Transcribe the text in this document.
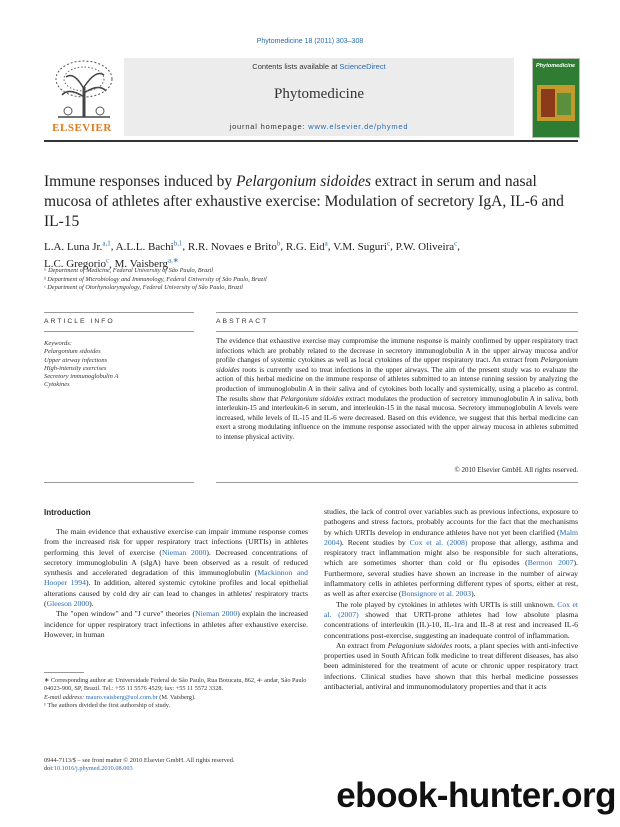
Phytomedicine 18 (2011) 303–308
ELSEVIER
Contents lists available at ScienceDirect
Phytomedicine
journal homepage: www.elsevier.de/phymed
Phytomedicine
Immune responses induced by Pelargonium sidoides extract in serum and nasal mucosa of athletes after exhaustive exercise: Modulation of secretory IgA, IL-6 and IL-15
L.A. Luna Jr.$^{a,1}$, A.L.L. Bachi$^{b,1}$, R.R. Novaes e Brito$^b$, R.G. Eid$^a$, V.M. Suguri$^c$, P.W. Oliveira$^c$,
L.C. Gregorio$^c$, M. Vaisberg$^{a,∗}$
ᵃ Department of Medicine, Federal University of São Paulo, Brazil
ᵇ Department of Microbiology and Immunology, Federal University of São Paulo, Brazil
ᶜ Department of Otorhynolaryngology, Federal University of São Paulo, Brazil
ARTICLE INFO	ABSTRACT
Keywords:
Pelargonium sidoides
Upper airway infections
High-intensity exercises
Secretory immunoglobulin A
Cytokines
The evidence that exhaustive exercise may compromise the immune response is mainly confirmed by upper respiratory tract infections which are probably related to the decrease in secretory immunoglobulin A in the upper airway mucosa and/or profile changes of systemic cytokines as well as local cytokines of the upper respiratory tract. An extract from Pelargonium sidoides roots is currently used to treat infections in the upper airways. The aim of the present study was to evaluate the action of this herbal medicine on the immune response of athletes submitted to an intense running session by analyzing the production of immunoglobulin A in their saliva and of cytokines both locally and systemically, using a placebo as control. The results show that Pelargonium sidoides extract modulates the production of secretory immunoglobulin A in saliva, both interleukin-15 and interleukin-6 in serum, and interleukin-15 in the nasal mucosa. Secretory immunoglobulin A levels were increased, while levels of IL-15 and IL-6 were decreased. Based on this evidence, we suggest that this herbal medicine can exert a strong modulating influence on the immune response associated with the upper airway mucosa in athletes submitted to intense physical activity.
© 2010 Elsevier GmbH. All rights reserved.
Introduction

The main evidence that exhaustive exercise can impair immune response comes from the increased risk for upper respiratory tract infections (URTIs) in athletes performing this level of exercise (Nieman 2000). Decreased concentrations of secretory immunoglobulin A (sIgA) have been observed as a result of reduced synthesis and accelerated degradation of this immunoglobulin (Mackinnon and Hooper 1994). In addition, altered systemic cytokine profiles and local epithelial alterations caused by cold dry air can lead to changes in athletes' respiratory tracts (Gleeson 2000).

The "open window" and "J curve" theories (Nieman 2000) explain the increased incidence for upper respiratory tract infections in athletes after exhaustive exercise. However, in human

studies, the lack of control over variables such as previous infections, exposure to pathogens and stress factors, probably accounts for the fact that the mechanisms by which URTIs develop in endurance athletes have not yet been clarified (Malm 2004). Recent studies by Cox et al. (2008) propose that allergy, asthma and respiratory tract inflammation might also be responsible for such alterations, which are sometimes shorter than cold or flu episodes (Bermon 2007). Furthermore, several studies have shown an increase in the number of airway inflammatory cells in athletes performing different types of sports, either at rest, as well as after exercise (Bonsignore et al. 2003).

The role played by cytokines in athletes with URTIs is still unknown. Cox et al. (2007) showed that URTI-prone athletes had low absolute plasma concentrations of interleukin (IL)-10, IL-1ra and IL-8 at rest and increased IL-6 concentrations post-exercise, suggesting an inadequate control of inflammation.

An extract from Pelagonium sidoides roots, a plant species with anti-infective properties used in South African folk medicine to treat different diseases, has also been administered for the treatment of acute or chronic upper respiratory tract infections. Clinical studies have shown that this herbal medicine possesses antibacterial, antiviral and immunomodulatory properties and that it acts

∗ Corresponding author at: Universidade Federal de São Paulo, Rua Botucatu, 862, 4◦ andar, São Paulo 04023-900, SP, Brazil. Tel.: +55 11 5576 4529; fax: +55 11 5572 3328.
E-mail address: mauro.vaisberg@uol.com.br (M. Vaisberg).
¹ The authors divided the first authorship of study.
0944-7113/$ – see front matter © 2010 Elsevier GmbH. All rights reserved.
doi:10.1016/j.phymed.2010.08.003
ebook-hunter.org
